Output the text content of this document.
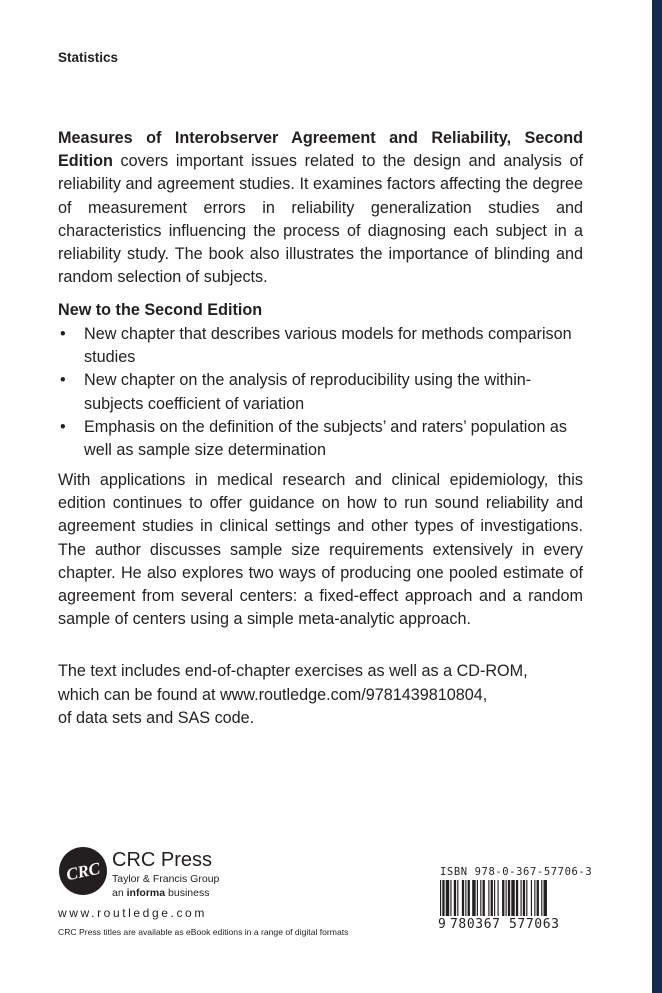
Statistics
Measures of Interobserver Agreement and Reliability, Second Edition covers important issues related to the design and analysis of reliability and agreement studies. It examines factors affecting the degree of measurement errors in reliability generalization studies and characteristics influencing the process of diagnosing each subject in a reliability study. The book also illustrates the importance of blinding and random selection of subjects.
New to the Second Edition
• New chapter that describes various models for methods comparison studies
• New chapter on the analysis of reproducibility using the within-subjects coefficient of variation
• Emphasis on the definition of the subjects’ and raters’ population as well as sample size determination
With applications in medical research and clinical epidemiology, this edition continues to offer guidance on how to run sound reliability and agreement studies in clinical settings and other types of investigations. The author discusses sample size requirements extensively in every chapter. He also explores two ways of producing one pooled estimate of agreement from several centers: a fixed-effect approach and a random sample of centers using a simple meta-analytic approach.
The text includes end-of-chapter exercises as well as a CD-ROM,
which can be found at www.routledge.com/9781439810804,
of data sets and SAS code.
CRC CRC Press
Taylor & Francis Group
an informa business
www.routledge.com
CRC Press titles are available as eBook editions in a range of digital formats
ISBN 978-0-367-57706-3
9 780367 577063
